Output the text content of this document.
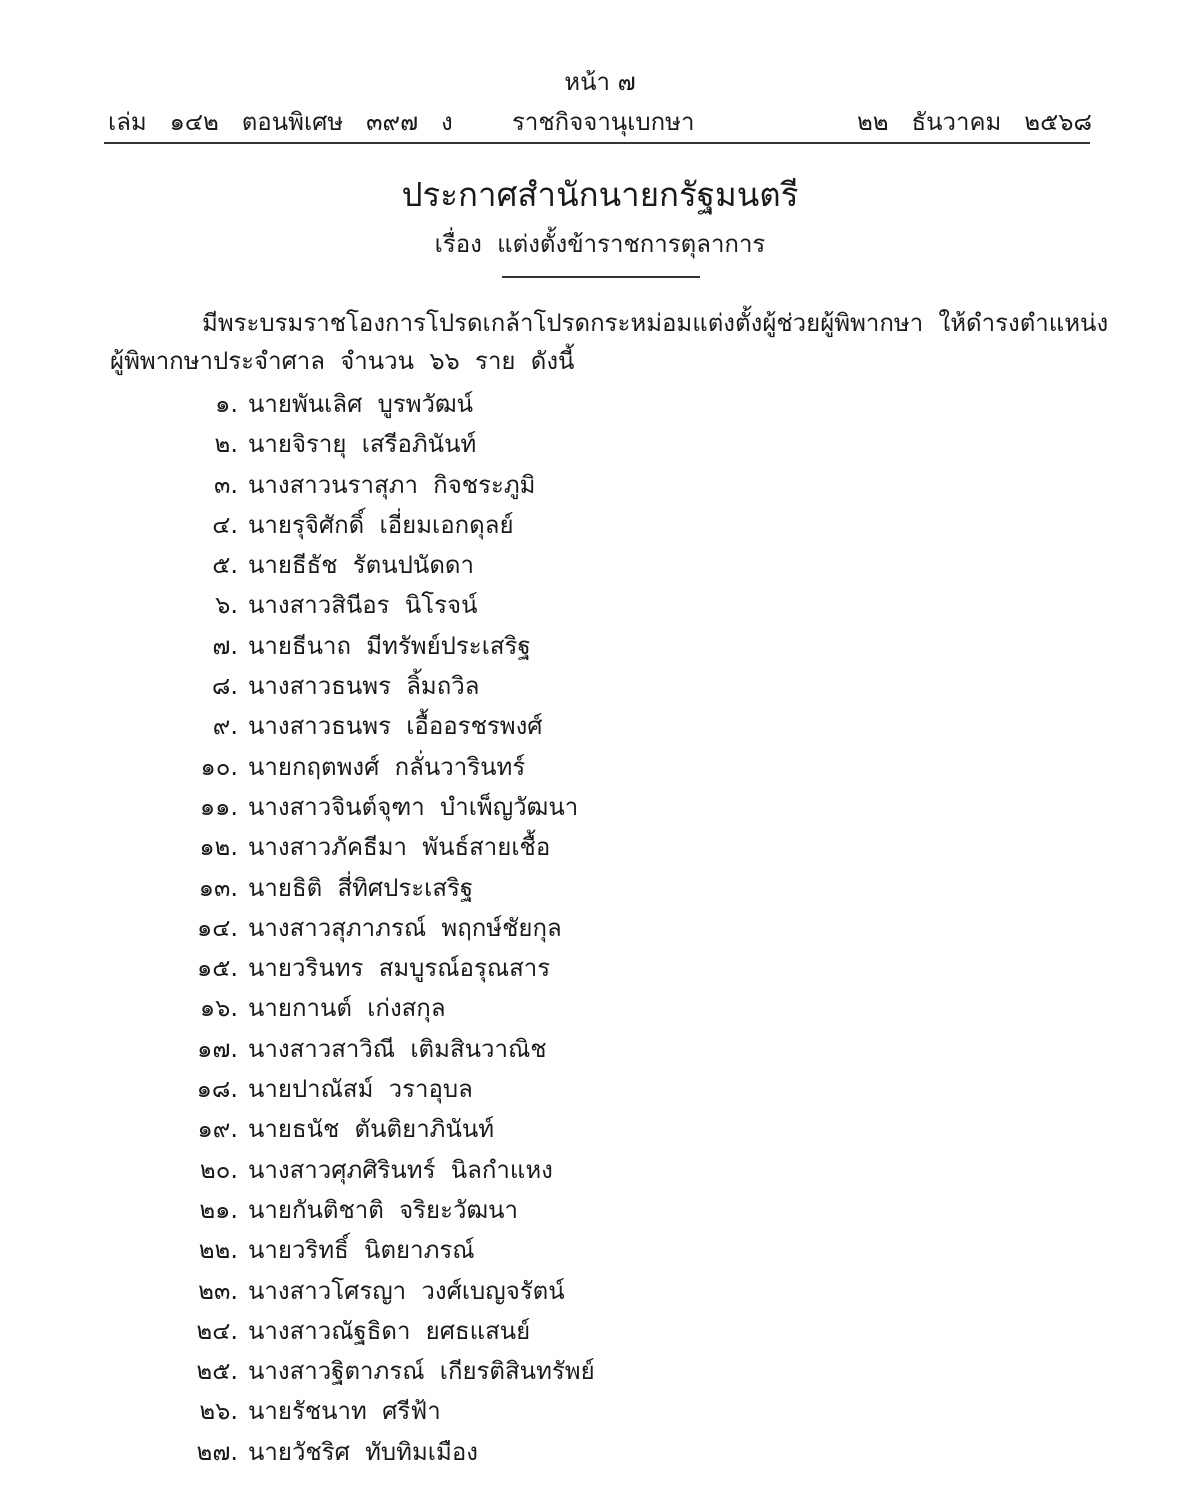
หน้า ๗
เล่ม   ๑๔๒   ตอนพิเศษ   ๓๙๗   ง ราชกิจจานุเบกษา	๒๒   ธันวาคม   ๒๕๖๘
ประกาศสำนักนายกรัฐมนตรี
เรื่อง  แต่งตั้งข้าราชการตุลาการ
มีพระบรมราชโองการโปรดเกล้าโปรดกระหม่อมแต่งตั้งผู้ช่วยผู้พิพากษา  ให้ดำรงตำแหน่ง
ผู้พิพากษาประจำศาล  จำนวน  ๖๖  ราย  ดังนี้
๑. นายพันเลิศ  บูรพวัฒน์
๒. นายจิรายุ  เสรีอภินันท์
๓. นางสาวนราสุภา  กิจชระภูมิ
๔. นายรุจิศักดิ์  เอี่ยมเอกดุลย์
๕. นายธีธัช  รัตนปนัดดา
๖. นางสาวสินีอร  นิโรจน์
๗. นายธีนาถ  มีทรัพย์ประเสริฐ
๘. นางสาวธนพร  ลิ้มถวิล
๙. นางสาวธนพร  เอื้ออรชรพงศ์
๑๐. นายกฤตพงศ์  กลั่นวารินทร์
๑๑. นางสาวจินต์จุฑา  บำเพ็ญวัฒนา
๑๒. นางสาวภัคธีมา  พันธ์สายเชื้อ
๑๓. นายธิติ  สี่ทิศประเสริฐ
๑๔. นางสาวสุภาภรณ์  พฤกษ์ชัยกุล
๑๕. นายวรินทร  สมบูรณ์อรุณสาร
๑๖. นายกานต์  เก่งสกุล
๑๗. นางสาวสาวิณี  เติมสินวาณิช
๑๘. นายปาณัสม์  วราอุบล
๑๙. นายธนัช  ตันติยาภินันท์
๒๐. นางสาวศุภศิรินทร์  นิลกำแหง
๒๑. นายกันติชาติ  จริยะวัฒนา
๒๒. นายวริทธิ์  นิตยาภรณ์
๒๓. นางสาวโศรญา  วงศ์เบญจรัตน์
๒๔. นางสาวณัฐธิดา  ยศธแสนย์
๒๕. นางสาวฐิตาภรณ์  เกียรติสินทรัพย์
๒๖. นายรัชนาท  ศรีฟ้า
๒๗. นายวัชริศ  ทับทิมเมือง
